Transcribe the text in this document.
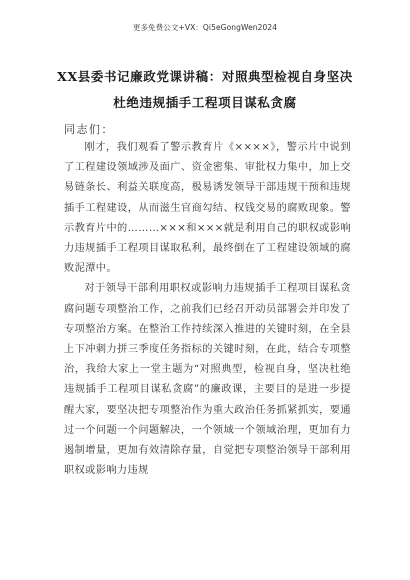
更多免费公文+VX：Qi5eGongWen2024
XX县委书记廉政党课讲稿：对照典型检视自身坚决杜绝违规插手工程项目谋私贪腐
同志们：

刚才，我们观看了警示教育片《××××》，警示片中说到了工程建设领域涉及面广、资金密集、审批权力集中，加上交易链条长、利益关联度高，极易诱发领导干部违规干预和违规插手工程建设，从而滋生官商勾结、权钱交易的腐败现象。警示教育片中的………×××和×××就是利用自己的职权或影响力违规插手工程项目谋取私利，最终倒在了工程建设领域的腐败泥潭中。

对于领导干部利用职权或影响力违规插手工程项目谋私贪腐问题专项整治工作，之前我们已经召开动员部署会并印发了专项整治方案。在整治工作持续深入推进的关键时刻，在全县上下冲刺力拼三季度任务指标的关键时刻，在此，结合专项整治，我给大家上一堂主题为“对照典型，检视自身，坚决杜绝违规插手工程项目谋私贪腐”的廉政课，主要目的是进一步提醒大家，要坚决把专项整治作为重大政治任务抓紧抓实，要通过一个问题一个问题解决，一个领域一个领域治理，更加有力遏制增量，更加有效清除存量，自觉把专项整治领导干部利用职权或影响力违规
